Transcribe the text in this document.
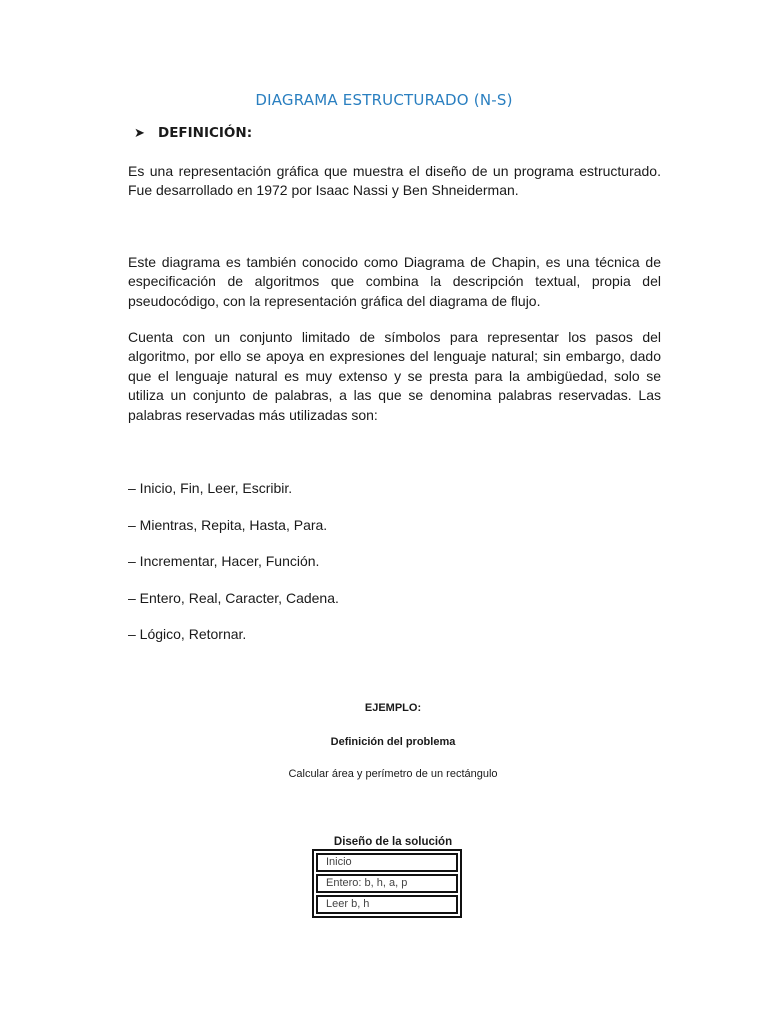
DIAGRAMA ESTRUCTURADO (N-S)
➤ DEFINICIÓN:
Es una representación gráfica que muestra el diseño de un programa estructurado. Fue desarrollado en 1972 por Isaac Nassi y Ben Shneiderman.
Este diagrama es también conocido como Diagrama de Chapin, es una técnica de especificación de algoritmos que combina la descripción textual, propia del pseudocódigo, con la representación gráfica del diagrama de flujo.
Cuenta con un conjunto limitado de símbolos para representar los pasos del algoritmo, por ello se apoya en expresiones del lenguaje natural; sin embargo, dado que el lenguaje natural es muy extenso y se presta para la ambigüedad, solo se utiliza un conjunto de palabras, a las que se denomina palabras reservadas. Las palabras reservadas más utilizadas son:
– Inicio, Fin, Leer, Escribir.
– Mientras, Repita, Hasta, Para.
– Incrementar, Hacer, Función.
– Entero, Real, Caracter, Cadena.
– Lógico, Retornar.
EJEMPLO:
Definición del problema
Calcular área y perímetro de un rectángulo
Diseño de la solución
Inicio
Entero: b, h, a, p
Leer b, h
